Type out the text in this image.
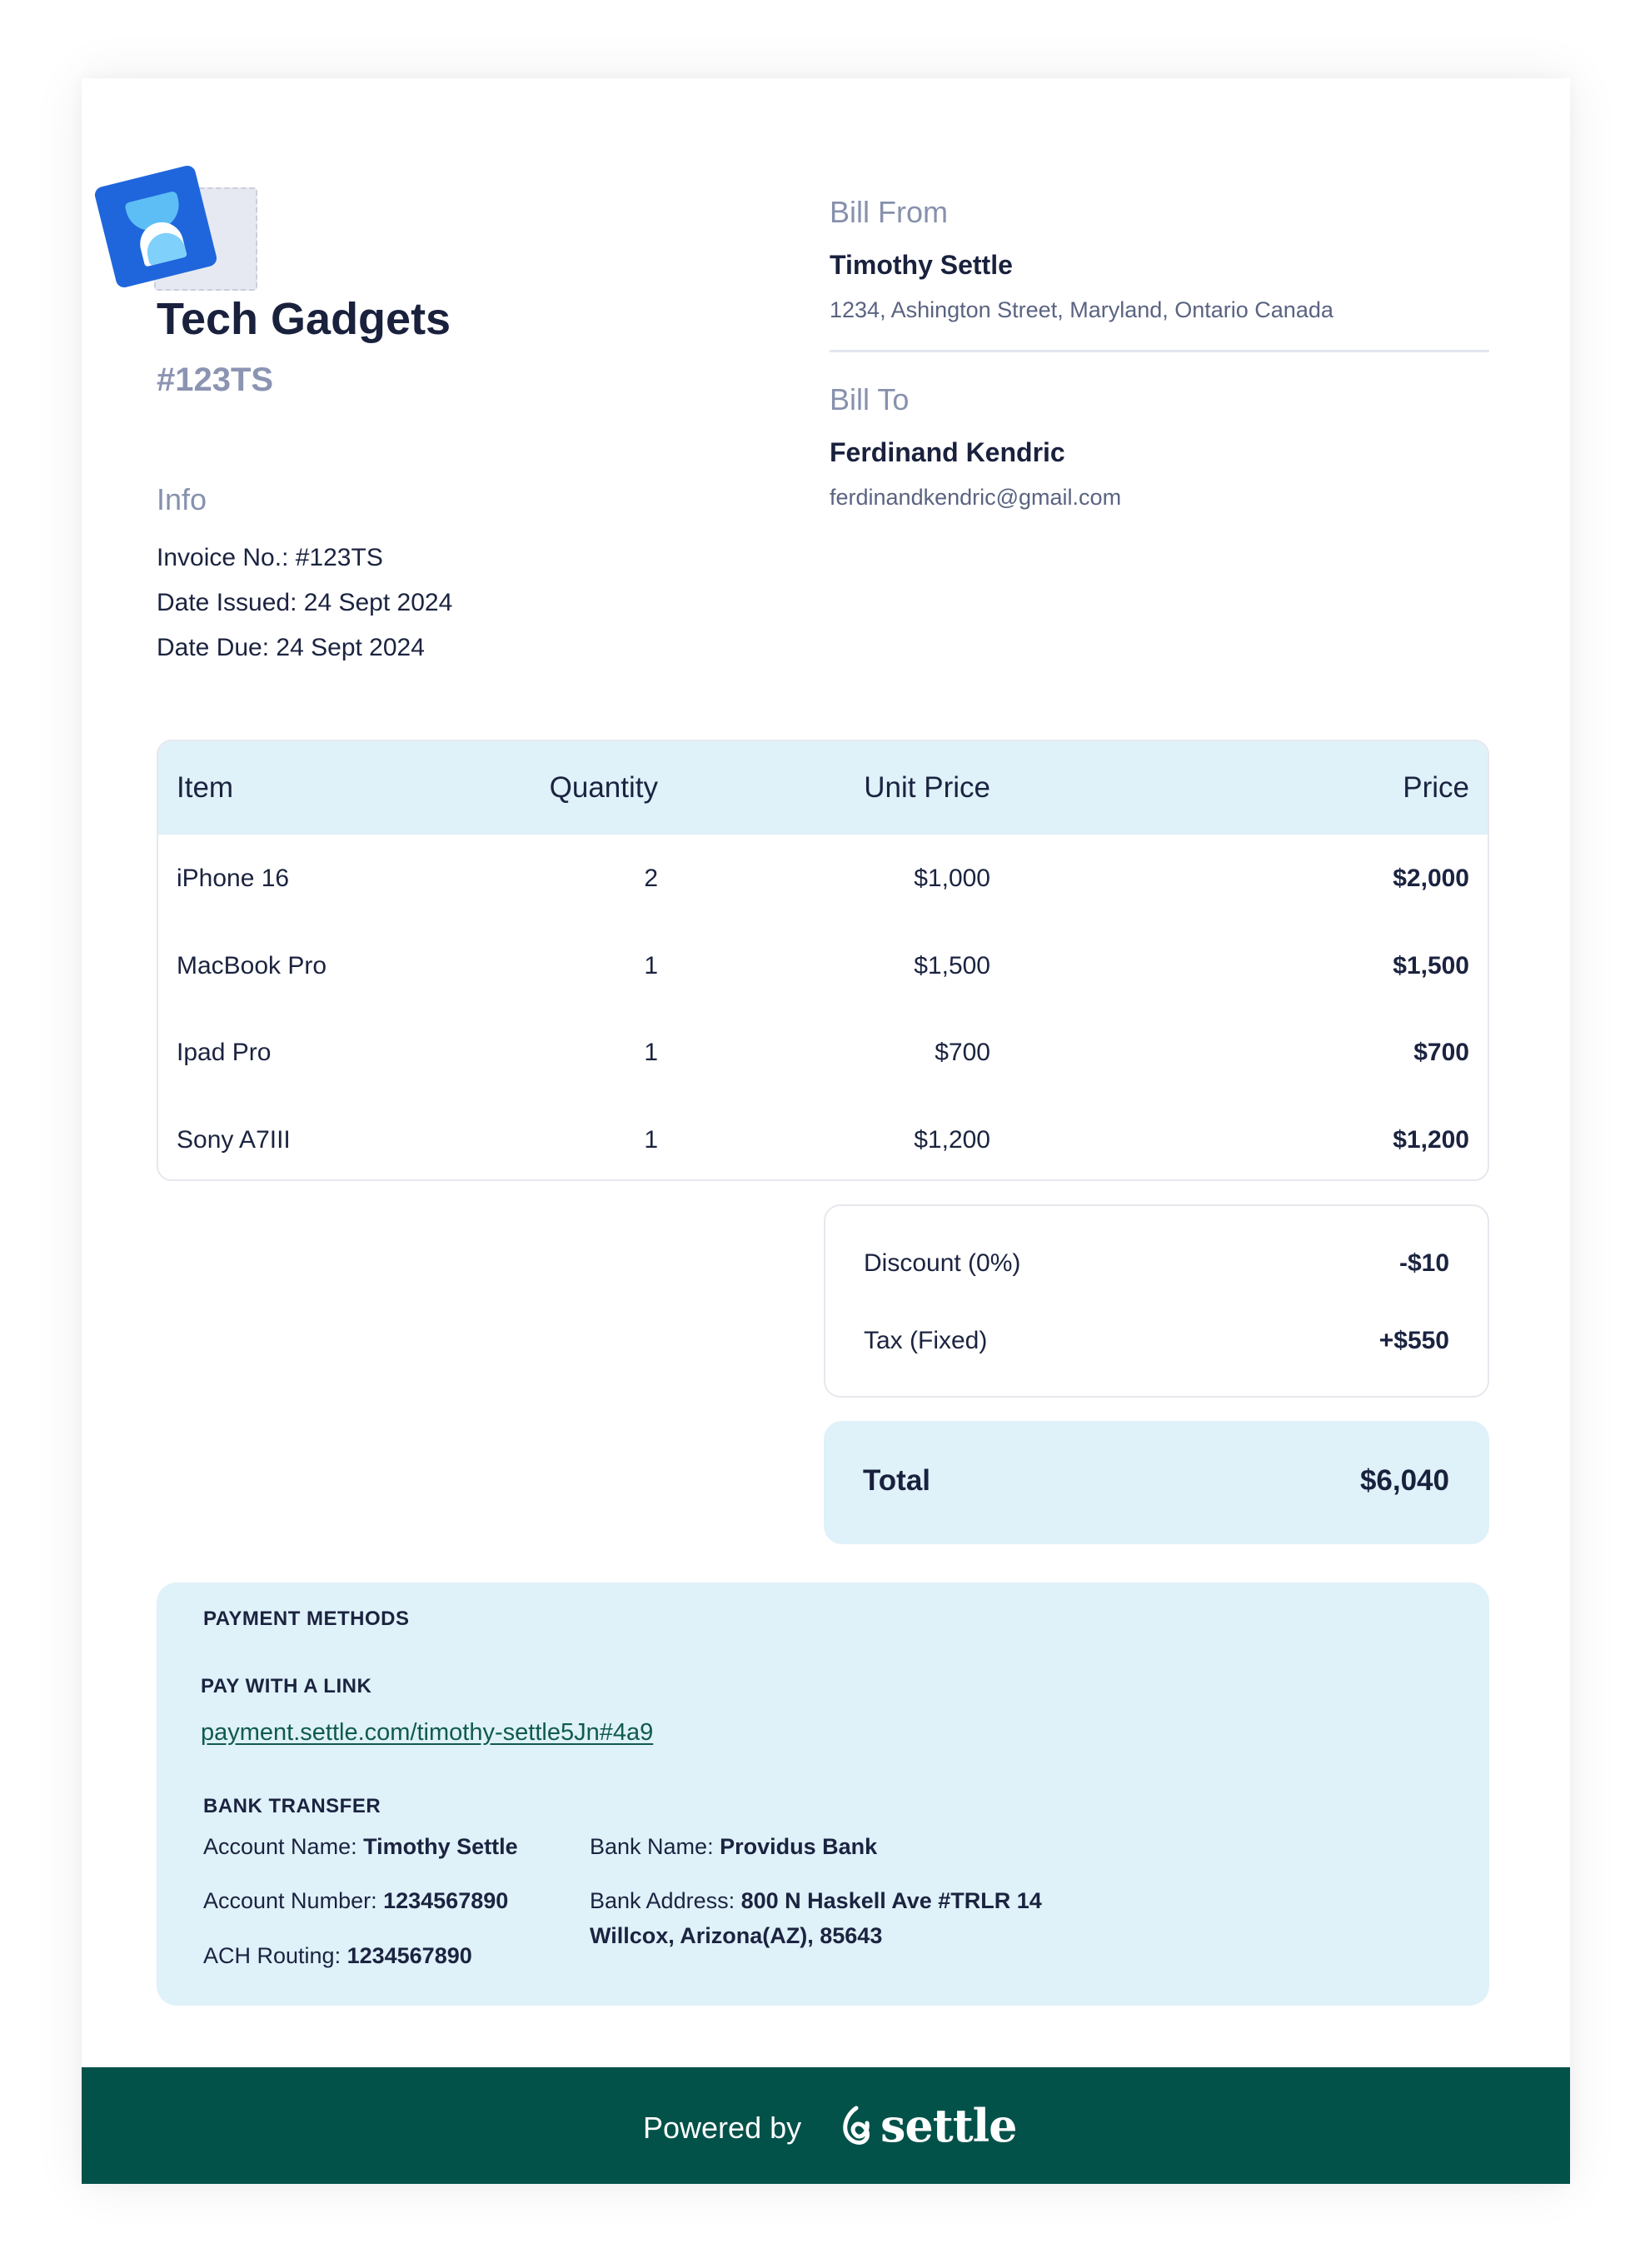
Tech Gadgets
#123TS
Info
Invoice No.: #123TS
Date Issued: 24 Sept 2024
Date Due: 24 Sept 2024
Bill From
Timothy Settle
1234, Ashington Street, Maryland, Ontario Canada
Bill To
Ferdinand Kendric
ferdinandkendric@gmail.com
Item	Quantity	Unit Price	Price
iPhone 16	2	$1,000	$2,000
MacBook Pro	1	$1,500	$1,500
Ipad Pro	1	$700	$700
Sony A7III	1	$1,200	$1,200
Discount (0%)	-$10
Tax (Fixed)	+$550
Total	$6,040
PAYMENT METHODS
PAY WITH A LINK
payment.settle.com/timothy-settle5Jn#4a9
BANK TRANSFER
Account Name: Timothy Settle
Account Number: 1234567890
ACH Routing: 1234567890
Bank Name: Providus Bank
Bank Address: 800 N Haskell Ave #TRLR 14
Willcox, Arizona(AZ), 85643
Powered by settle
